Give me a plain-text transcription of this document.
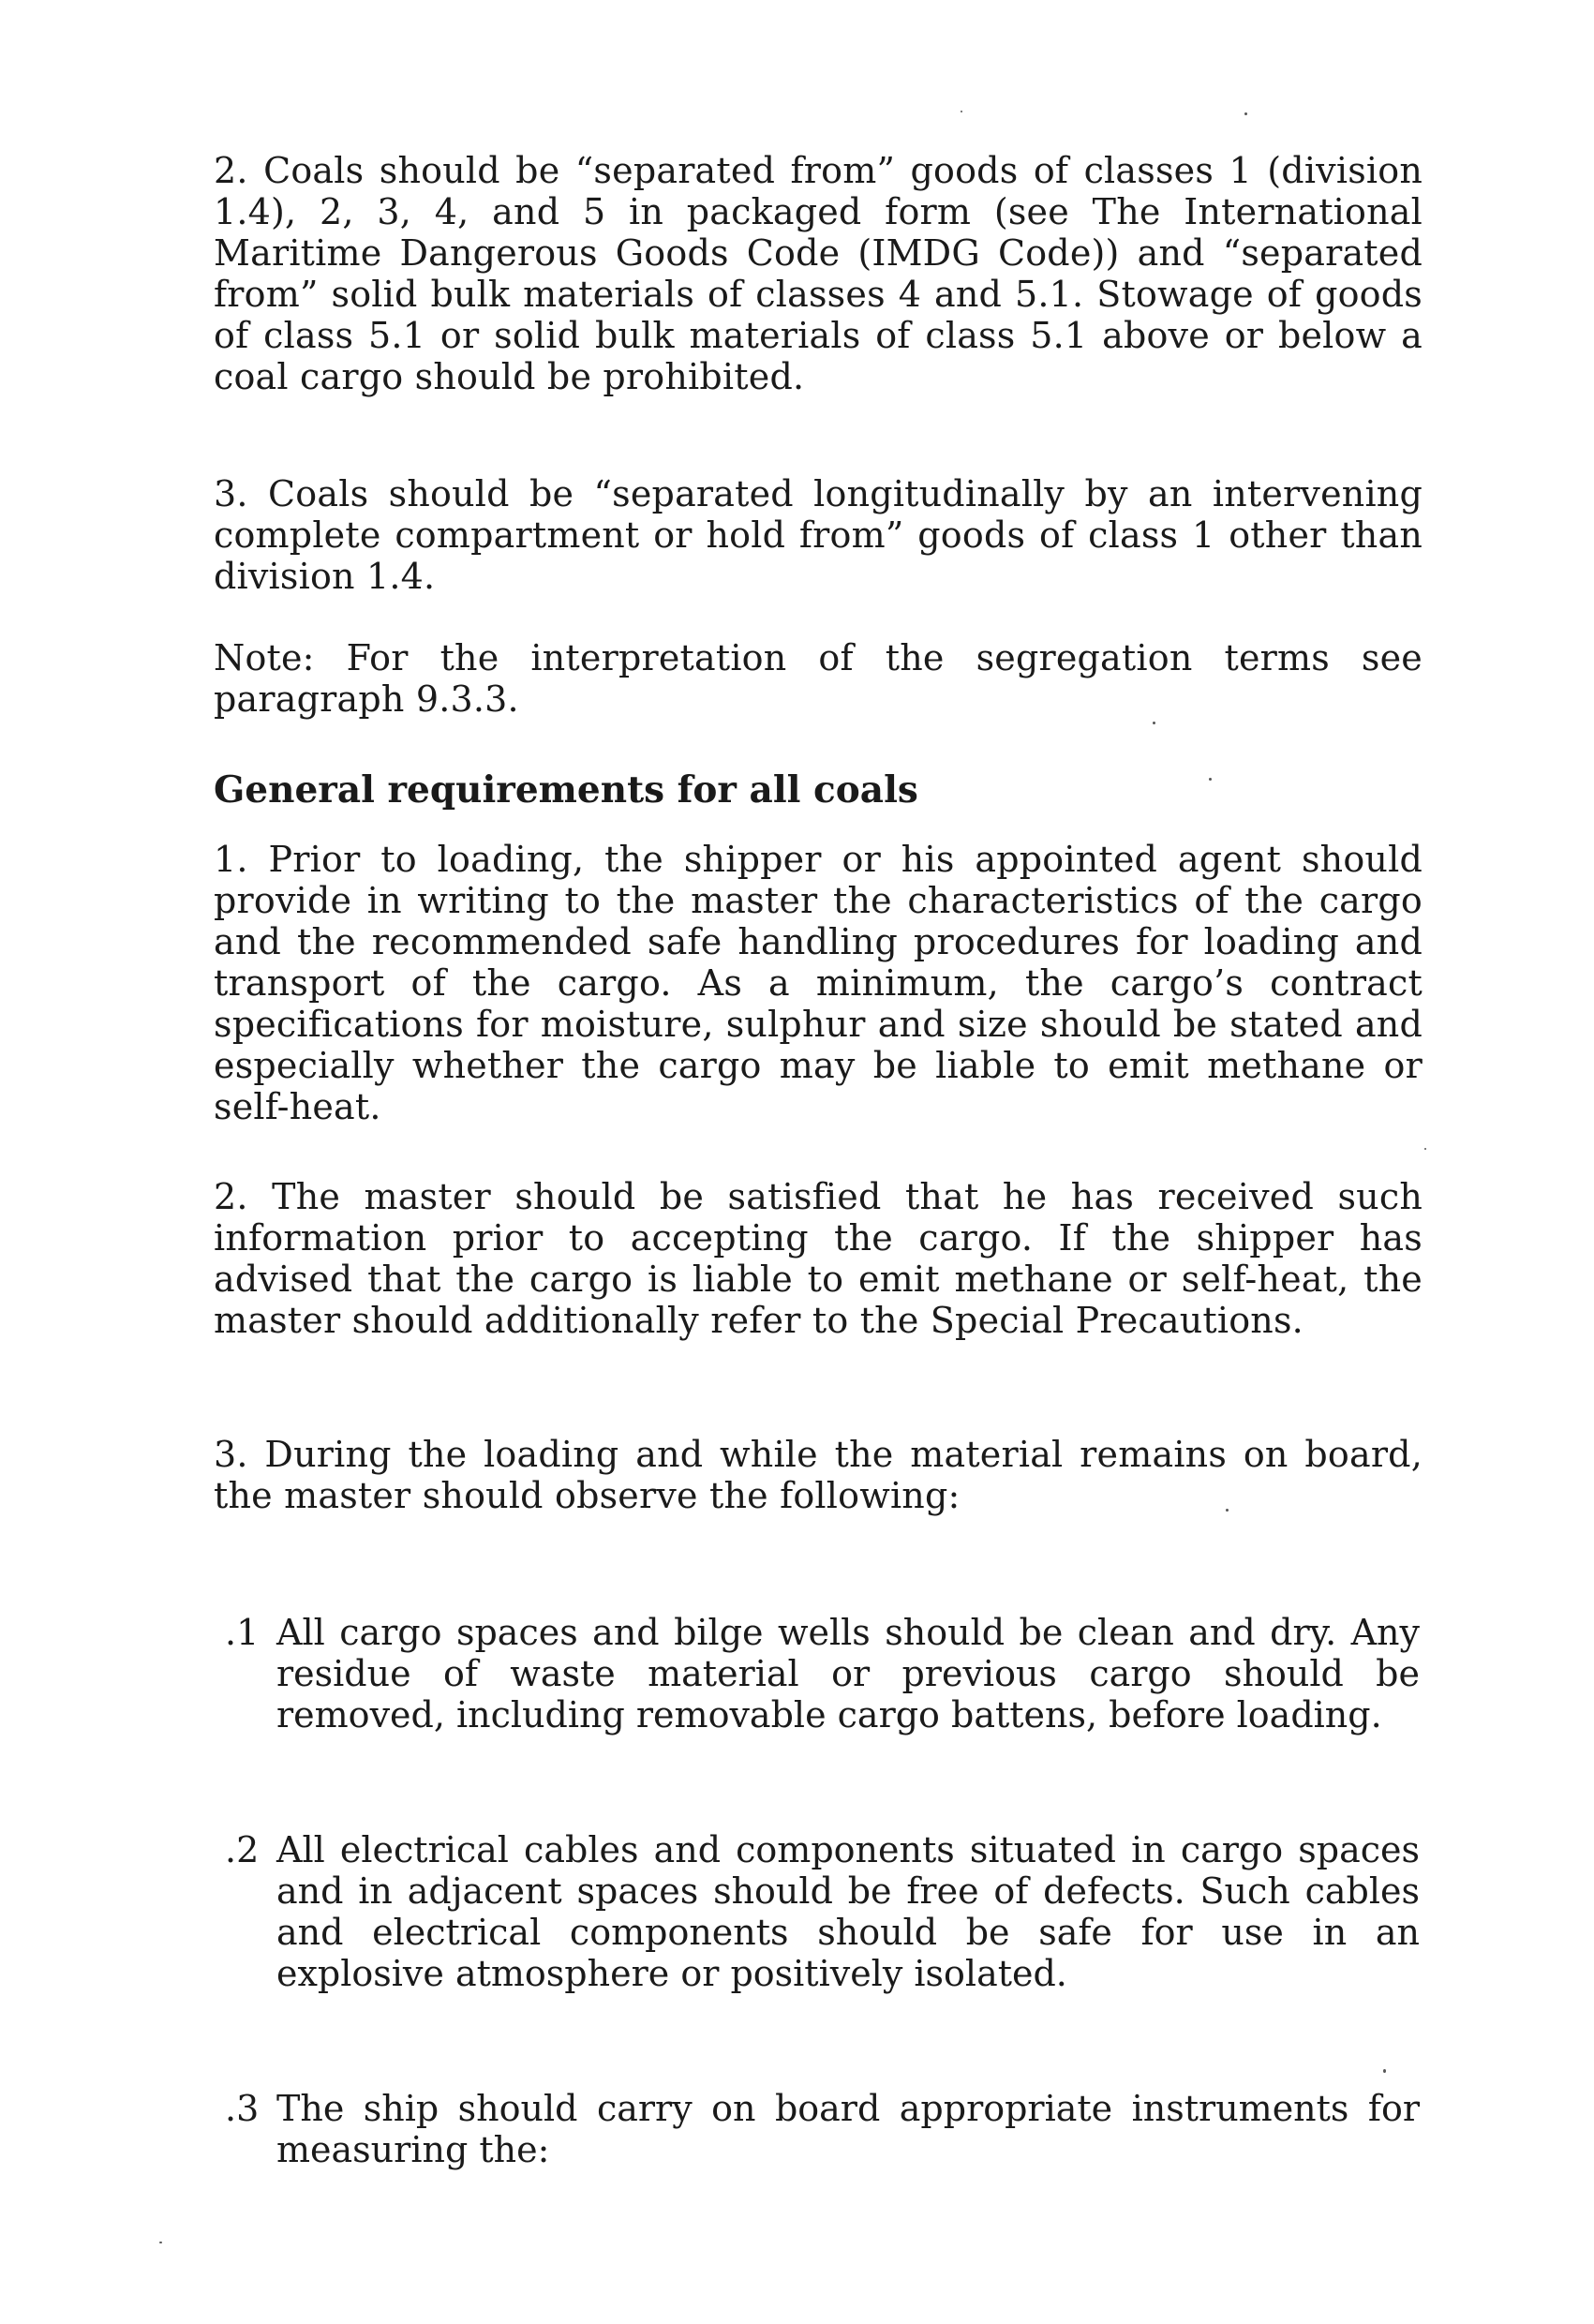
2. Coals should be “separated from” goods of classes 1 (division 1.4), 2, 3, 4, and 5 in packaged form (see The International Maritime Dangerous Goods Code (IMDG Code)) and “separated from” solid bulk materials of classes 4 and 5.1. Stowage of goods of class 5.1 or solid bulk materials of class 5.1 above or below a coal cargo should be prohibited.

3. Coals should be “separated longitudinally by an intervening complete compartment or hold from” goods of class 1 other than division 1.4.

Note: For the interpretation of the segregation terms see paragraph 9.3.3.

General requirements for all coals

1. Prior to loading, the shipper or his appointed agent should provide in writing to the master the characteristics of the cargo and the recommended safe handling procedures for loading and transport of the cargo. As a minimum, the cargo’s contract specifications for moisture, sulphur and size should be stated and especially whether the cargo may be liable to emit methane or self-heat.

2. The master should be satisfied that he has received such information prior to accepting the cargo. If the shipper has advised that the cargo is liable to emit methane or self-heat, the master should additionally refer to the Special Precautions.

3. During the loading and while the material remains on board, the master should observe the following:

.1 All cargo spaces and bilge wells should be clean and dry. Any residue of waste material or previous cargo should be removed, including removable cargo battens, before loading.
.2 All electrical cables and components situated in cargo spaces and in adjacent spaces should be free of defects. Such cables and electrical components should be safe for use in an explosive atmosphere or positively isolated.
.3 The ship should carry on board appropriate instruments for measuring the:
